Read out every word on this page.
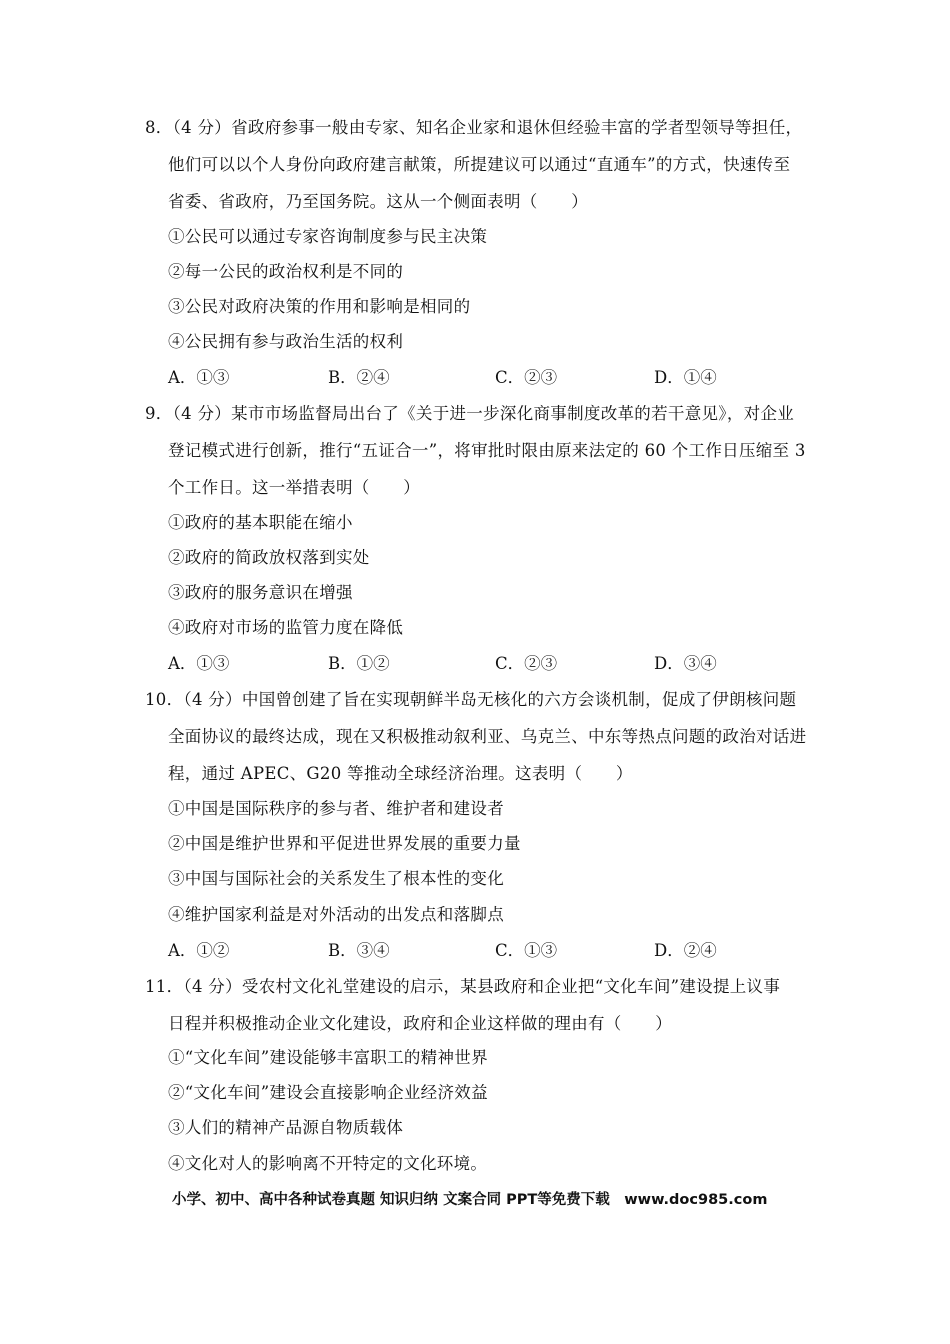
8．（4 分）省政府参事一般由专家、知名企业家和退休但经验丰富的学者型领导等担任，
他们可以以个人身份向政府建言献策，所提建议可以通过“直通车”的方式，快速传至
省委、省政府，乃至国务院。这从一个侧面表明（　　）
①公民可以通过专家咨询制度参与民主决策
②每一公民的政治权利是不同的
③公民对政府决策的作用和影响是相同的
④公民拥有参与政治生活的权利
A．①③	B．②④	C．②③	D．①④
9．（4 分）某市市场监督局出台了《关于进一步深化商事制度改革的若干意见》，对企业
登记模式进行创新，推行“五证合一”，将审批时限由原来法定的 60 个工作日压缩至 3
个工作日。这一举措表明（　　）
①政府的基本职能在缩小
②政府的简政放权落到实处
③政府的服务意识在增强
④政府对市场的监管力度在降低
A．①③	B．①②	C．②③	D．③④
10．（4 分）中国曾创建了旨在实现朝鲜半岛无核化的六方会谈机制，促成了伊朗核问题
全面协议的最终达成，现在又积极推动叙利亚、乌克兰、中东等热点问题的政治对话进
程，通过 APEC、G20 等推动全球经济治理。这表明（　　）
①中国是国际秩序的参与者、维护者和建设者
②中国是维护世界和平促进世界发展的重要力量
③中国与国际社会的关系发生了根本性的变化
④维护国家利益是对外活动的出发点和落脚点
A．①②	B．③④	C．①③	D．②④
11．（4 分）受农村文化礼堂建设的启示，某县政府和企业把“文化车间”建设提上议事
日程并积极推动企业文化建设，政府和企业这样做的理由有（　　）
①“文化车间”建设能够丰富职工的精神世界
②“文化车间”建设会直接影响企业经济效益
③人们的精神产品源自物质载体
④文化对人的影响离不开特定的文化环境。
小学、初中、高中各种试卷真题 知识归纳 文案合同 PPT等免费下载　www.doc985.com
